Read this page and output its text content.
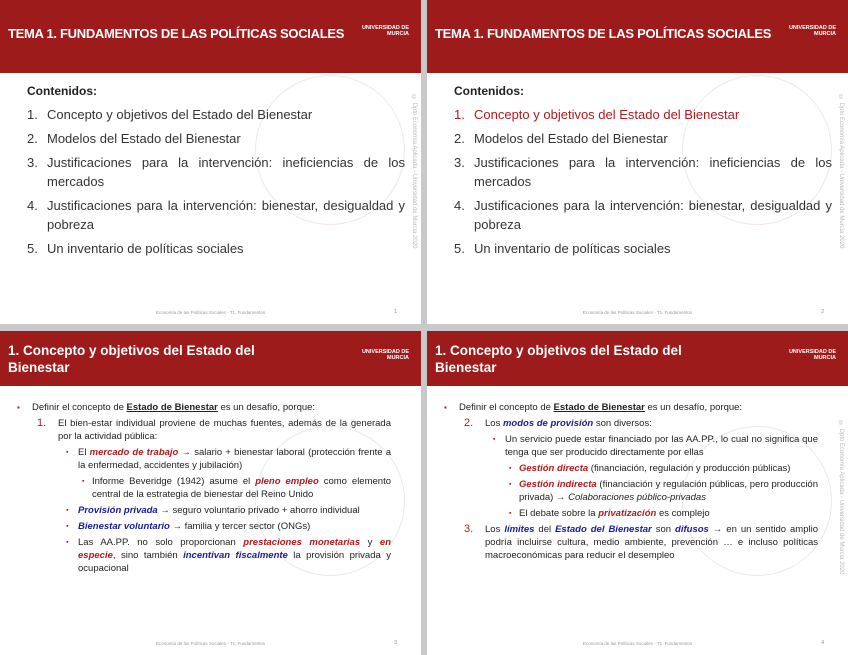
TEMA 1. FUNDAMENTOS DE LAS POLÍTICAS SOCIALES	UNIVERSIDAD DE
MURCIA
© Dpto Economía Aplicada - Universidad de Murcia 2020
Contenidos:
1. Concepto y objetivos del Estado del Bienestar
2. Modelos del Estado del Bienestar
3. Justificaciones para la intervención: ineficiencias de los mercados
4. Justificaciones para la intervención: bienestar, desigualdad y pobreza
5. Un inventario de políticas sociales
Economía de las Políticas Sociales - T1. Fundamentos	1
TEMA 1. FUNDAMENTOS DE LAS POLÍTICAS SOCIALES	UNIVERSIDAD DE
MURCIA
© Dpto Economía Aplicada - Universidad de Murcia 2020
Contenidos:
1. Concepto y objetivos del Estado del Bienestar
2. Modelos del Estado del Bienestar
3. Justificaciones para la intervención: ineficiencias de los mercados
4. Justificaciones para la intervención: bienestar, desigualdad y pobreza
5. Un inventario de políticas sociales
Economía de las Políticas Sociales - T1. Fundamentos	2
1. Concepto y objetivos del Estado del Bienestar
UNIVERSIDAD DE
MURCIA
▪ Definir el concepto de Estado de Bienestar es un desafío, porque:
1. El bien-estar individual proviene de muchas fuentes, además de la generada por la actividad pública:
▪ El mercado de trabajo → salario + bienestar laboral (protección frente a la enfermedad, accidentes y jubilación)
▪ Informe Beveridge (1942) asume el pleno empleo como elemento central de la estrategia de bienestar del Reino Unido
▪ Provisión privada → seguro voluntario privado + ahorro individual
▪ Bienestar voluntario → familia y tercer sector (ONGs)
▪ Las AA.PP. no solo proporcionan prestaciones monetarias y en especie, sino también incentivan fiscalmente la provisión privada y ocupacional
Economía de las Políticas Sociales - T1. Fundamentos	3
1. Concepto y objetivos del Estado del Bienestar
UNIVERSIDAD DE
MURCIA
© Dpto Economía Aplicada - Universidad de Murcia 2020
▪ Definir el concepto de Estado de Bienestar es un desafío, porque:
2. Los modos de provisión son diversos:
▪ Un servicio puede estar financiado por las AA.PP., lo cual no significa que tenga que ser producido directamente por ellas
▪ Gestión directa (financiación, regulación y producción públicas)
▪ Gestión indirecta (financiación y regulación públicas, pero producción privada) → Colaboraciones público-privadas
▪ El debate sobre la privatización es complejo
3. Los límites del Estado del Bienestar son difusos → en un sentido amplio podría incluirse cultura, medio ambiente, prevención … e incluso políticas macroeconómicas para reducir el desempleo
Economía de las Políticas Sociales - T1. Fundamentos	4
